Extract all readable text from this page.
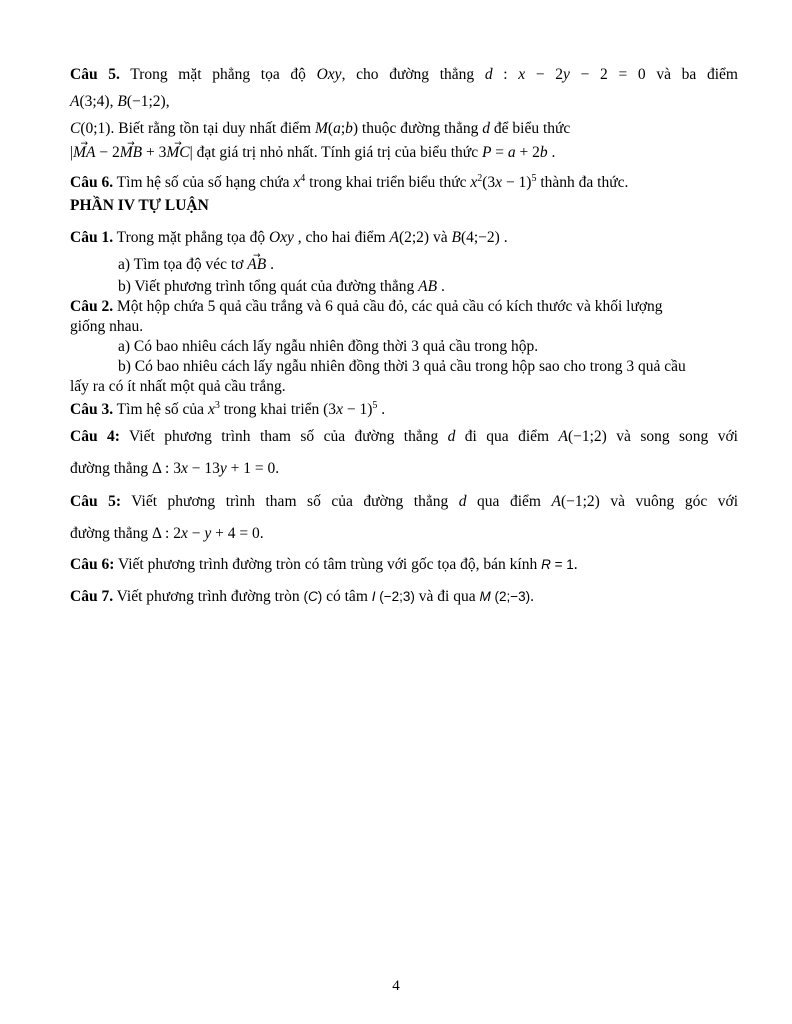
Câu 5. Trong mặt phẳng tọa độ Oxy, cho đường thẳng d : x − 2y − 2 = 0 và ba điểm
A(3;4), B(−1;2),
C(0;1). Biết rằng tồn tại duy nhất điểm M(a;b) thuộc đường thẳng d để biểu thức
|MA → − 2MB → + 3MC →| đạt giá trị nhỏ nhất. Tính giá trị của biểu thức P = a + 2b .
Câu 6. Tìm hệ số của số hạng chứa $x^4$ trong khai triển biểu thức $x^2(3x - 1)^5$ thành đa thức.
PHẦN IV TỰ LUẬN
Câu 1. Trong mặt phẳng tọa độ Oxy , cho hai điểm A(2;2) và B(4;−2) .
a) Tìm tọa độ véc tơ AB → .
b) Viết phương trình tổng quát của đường thẳng AB .
Câu 2. Một hộp chứa 5 quả cầu trắng và 6 quả cầu đỏ, các quả cầu có kích thước và khối lượng
giống nhau.
a) Có bao nhiêu cách lấy ngẫu nhiên đồng thời 3 quả cầu trong hộp.
b) Có bao nhiêu cách lấy ngẫu nhiên đồng thời 3 quả cầu trong hộp sao cho trong 3 quả cầu
lấy ra có ít nhất một quả cầu trắng.
Câu 3. Tìm hệ số của $x^3$ trong khai triển $(3x - 1)^5$ .
Câu 4: Viết phương trình tham số của đường thẳng d đi qua điểm A(−1;2) và song song với
đường thẳng Δ : 3x − 13y + 1 = 0.
Câu 5: Viết phương trình tham số của đường thẳng d qua điểm A(−1;2) và vuông góc với
đường thẳng Δ : 2x − y + 4 = 0.
Câu 6: Viết phương trình đường tròn có tâm trùng với gốc tọa độ, bán kính R = 1.
Câu 7. Viết phương trình đường tròn (C) có tâm I (−2;3) và đi qua M (2;−3).
4
